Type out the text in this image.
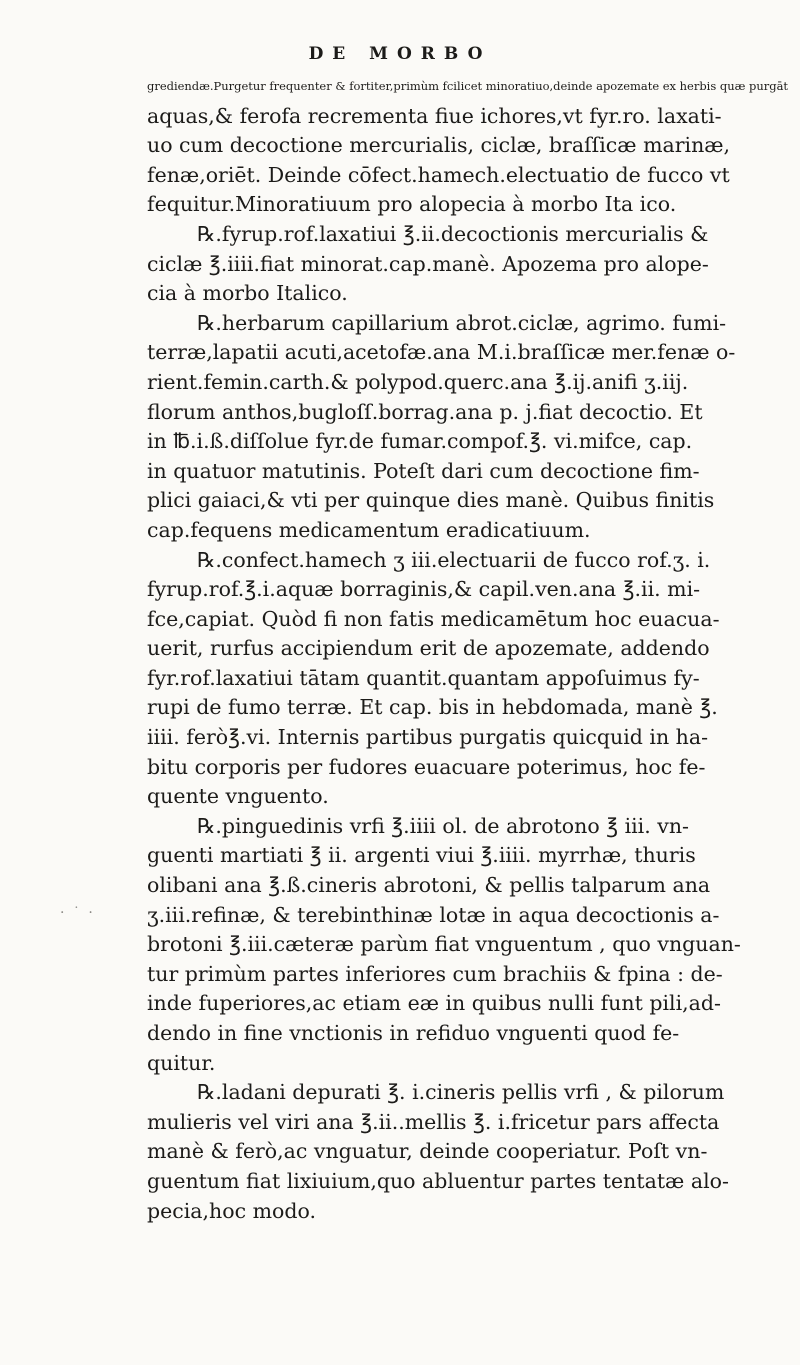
DE MORBO
grediendæ.Purgetur frequenter & fortiter,primùm fcilicet minoratiuo,deinde apozemate ex herbis quæ purgāt
aquas,& ferofa recrementa fiue ichores,vt fyr.ro. laxati-
uo cum decoctione mercurialis, ciclæ, braſſicæ marinæ,
fenæ,oriēt. Deinde cōfect.hamech.electuatio de fucco vt
fequitur.Minoratiuum pro alopecia à morbo Ita ico.
℞.fyrup.rof.laxatiui ℥.ii.decoctionis mercurialis &
ciclæ ℥.iiii.fiat minorat.cap.manè. Apozema pro alope-
cia à morbo Italico.
℞.herbarum capillarium abrot.ciclæ, agrimo. fumi-
terræ,lapatii acuti,acetofæ.ana M.i.braſſicæ mer.fenæ o-
rient.femin.carth.& polypod.querc.ana ℥.ij.anifi ʒ.iij.
florum anthos,bugloſſ.borrag.ana p. j.fiat decoctio. Et
in ℔.i.ß.diſſolue fyr.de fumar.compof.℥. vi.mifce, cap.
in quatuor matutinis. Poteſt dari cum decoctione fim-
plici gaiaci,& vti per quinque dies manè. Quibus finitis
cap.fequens medicamentum eradicatiuum.
℞.confect.hamech ʒ iii.electuarii de fucco rof.ʒ. i.
fyrup.rof.℥.i.aquæ borraginis,& capil.ven.ana ℥.ii. mi-
fce,capiat. Quòd fi non fatis medicamētum hoc euacua-
uerit, rurfus accipiendum erit de apozemate, addendo
fyr.rof.laxatiui tātam quantit.quantam appoſuimus fy-
rupi de fumo terræ. Et cap. bis in hebdomada, manè ℥.
iiii. ferò℥.vi. Internis partibus purgatis quicquid in ha-
bitu corporis per fudores euacuare poterimus, hoc fe-
quente vnguento.
℞.pinguedinis vrfi ℥.iiii ol. de abrotono ℥ iii. vn-
guenti martiati ℥ ii. argenti viui ℥.iiii. myrrhæ, thuris
olibani ana ℥.ß.cineris abrotoni, & pellis talparum ana
ʒ.iii.refinæ, & terebinthinæ lotæ in aqua decoctionis a-
brotoni ℥.iii.cæteræ parùm fiat vnguentum , quo vnguan-
tur primùm partes inferiores cum brachiis & fpina : de-
inde fuperiores,ac etiam eæ in quibus nulli funt pili,ad-
dendo in fine vnctionis in refiduo vnguenti quod fe-
quitur.
℞.ladani depurati ℥. i.cineris pellis vrfi , & pilorum
mulieris vel viri ana ℥.ii..mellis ℥. i.fricetur pars affecta
manè & ferò,ac vnguatur, deinde cooperiatur. Poſt vn-
guentum fiat lixiuium,quo abluentur partes tentatæ alo-
pecia,hoc modo.
· ˙ ·
